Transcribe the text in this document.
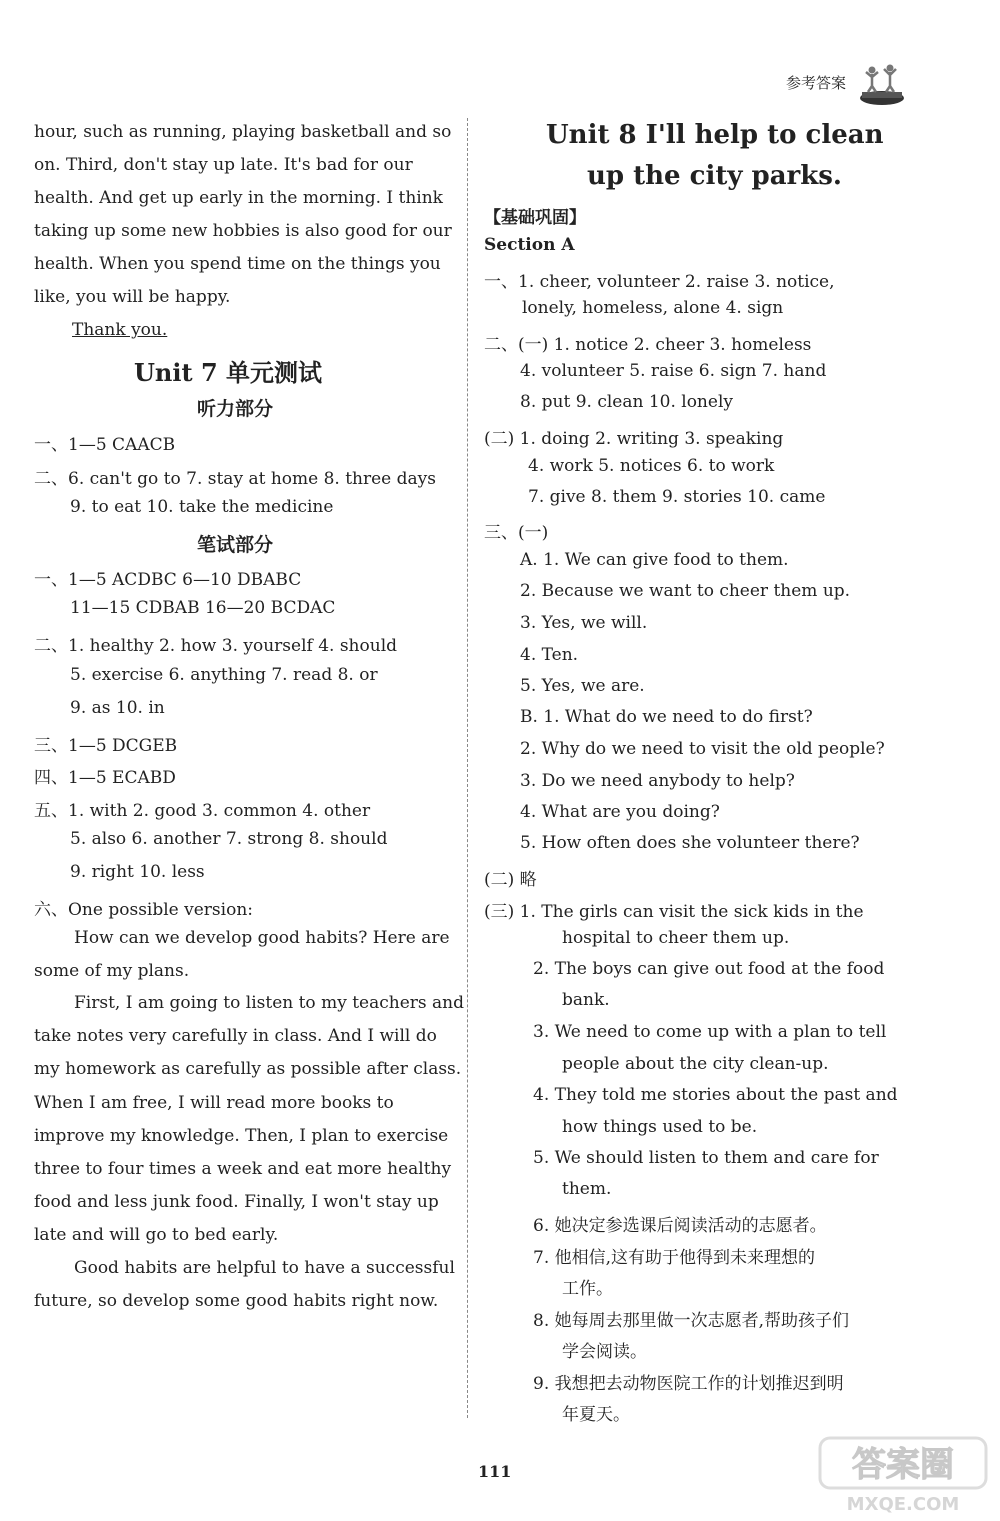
参考答案
hour, such as running, playing basketball and so
on. Third, don't stay up late. It's bad for our
health. And get up early in the morning. I think
taking up some new hobbies is also good for our
health. When you spend time on the things you
like, you will be happy.
Thank you.
Unit 7 单元测试
听力部分
一、1—5 CAACB
二、6. can't go to 7. stay at home 8. three days
9. to eat 10. take the medicine
笔试部分
一、1—5 ACDBC 6—10 DBABC
11—15 CDBAB 16—20 BCDAC
二、1. healthy 2. how 3. yourself 4. should
5. exercise 6. anything 7. read 8. or
9. as 10. in
三、1—5 DCGEB
四、1—5 ECABD
五、1. with 2. good 3. common 4. other
5. also 6. another 7. strong 8. should
9. right 10. less
六、One possible version:
How can we develop good habits? Here are
some of my plans.
First, I am going to listen to my teachers and
take notes very carefully in class. And I will do
my homework as carefully as possible after class.
When I am free, I will read more books to
improve my knowledge. Then, I plan to exercise
three to four times a week and eat more healthy
food and less junk food. Finally, I won't stay up
late and will go to bed early.
Good habits are helpful to have a successful
future, so develop some good habits right now.
Unit 8 I'll help to clean
up the city parks.
【基础巩固】
Section A
一、1. cheer, volunteer 2. raise 3. notice,
lonely, homeless, alone 4. sign
二、(一) 1. notice 2. cheer 3. homeless
4. volunteer 5. raise 6. sign 7. hand
8. put 9. clean 10. lonely
(二) 1. doing 2. writing 3. speaking
4. work 5. notices 6. to work
7. give 8. them 9. stories 10. came
三、(一)
A. 1. We can give food to them.
2. Because we want to cheer them up.
3. Yes, we will.
4. Ten.
5. Yes, we are.
B. 1. What do we need to do first?
2. Why do we need to visit the old people?
3. Do we need anybody to help?
4. What are you doing?
5. How often does she volunteer there?
(二) 略
(三) 1. The girls can visit the sick kids in the
hospital to cheer them up.
2. The boys can give out food at the food
bank.
3. We need to come up with a plan to tell
people about the city clean-up.
4. They told me stories about the past and
how things used to be.
5. We should listen to them and care for
them.
6. 她决定参选课后阅读活动的志愿者。
7. 他相信,这有助于他得到未来理想的
工作。
8. 她每周去那里做一次志愿者,帮助孩子们
学会阅读。
9. 我想把去动物医院工作的计划推迟到明
年夏天。
111	答案圈
MXQE.COM
